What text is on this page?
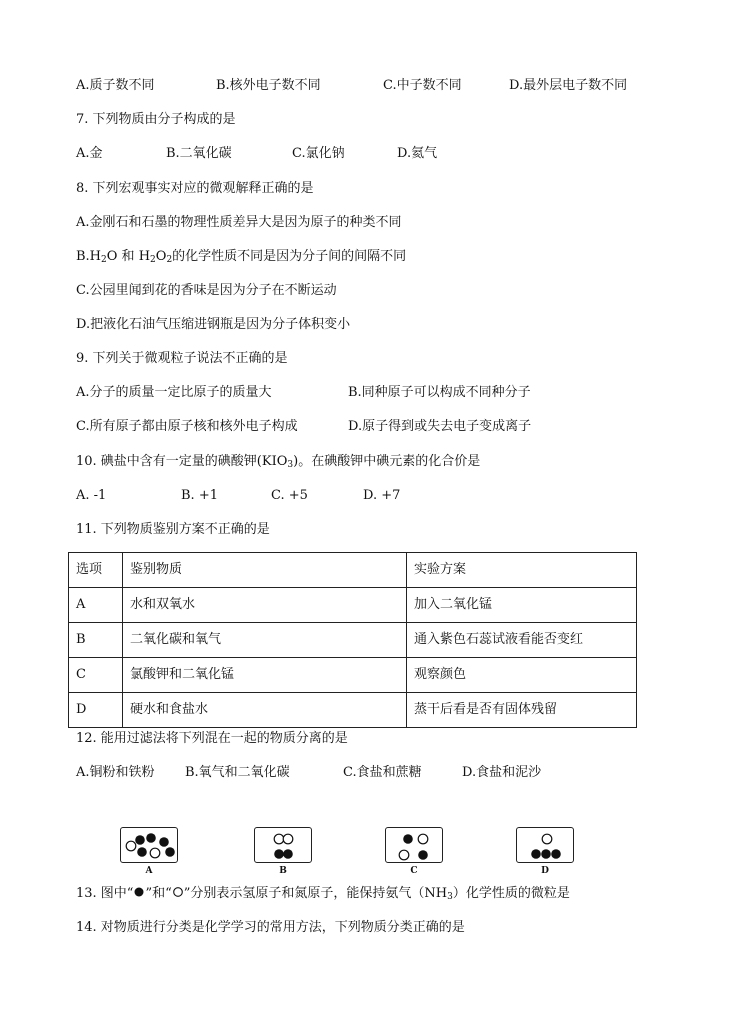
A.质子数不同	B.核外电子数不同	C.中子数不同	D.最外层电子数不同
7. 下列物质由分子构成的是
A.金	B.二氧化碳	C.氯化钠	D.氦气
8. 下列宏观事实对应的微观解释正确的是
A.金刚石和石墨的物理性质差异大是因为原子的种类不同
$B.H_2O$ 和 $H_2O_2$的化学性质不同是因为分子间的间隔不同
C.公园里闻到花的香味是因为分子在不断运动
D.把液化石油气压缩进钢瓶是因为分子体积变小
9. 下列关于微观粒子说法不正确的是
A.分子的质量一定比原子的质量大	B.同种原子可以构成不同种分子
C.所有原子都由原子核和核外电子构成	D.原子得到或失去电子变成离子
10. 碘盐中含有一定量的碘酸钾$(KIO_3)$。在碘酸钾中碘元素的化合价是
A. -1	B. +1	C. +5	D. +7
11. 下列物质鉴别方案不正确的是
选项	鉴别物质	实验方案
A	水和双氧水	加入二氧化锰
B	二氧化碳和氧气	通入紫色石蕊试液看能否变红
C	氯酸钾和二氧化锰	观察颜色
D	硬水和食盐水	蒸干后看是否有固体残留
12. 能用过滤法将下列混在一起的物质分离的是
A.铜粉和铁粉 B.氧气和二氧化碳	C.食盐和蔗糖	D.食盐和泥沙
A	B	C	D
13. 图中“ ”和“ ”分别表示氢原子和氮原子，能保持氨气$(NH_3)$化学性质的微粒是
14. 对物质进行分类是化学学习的常用方法，下列物质分类正确的是
